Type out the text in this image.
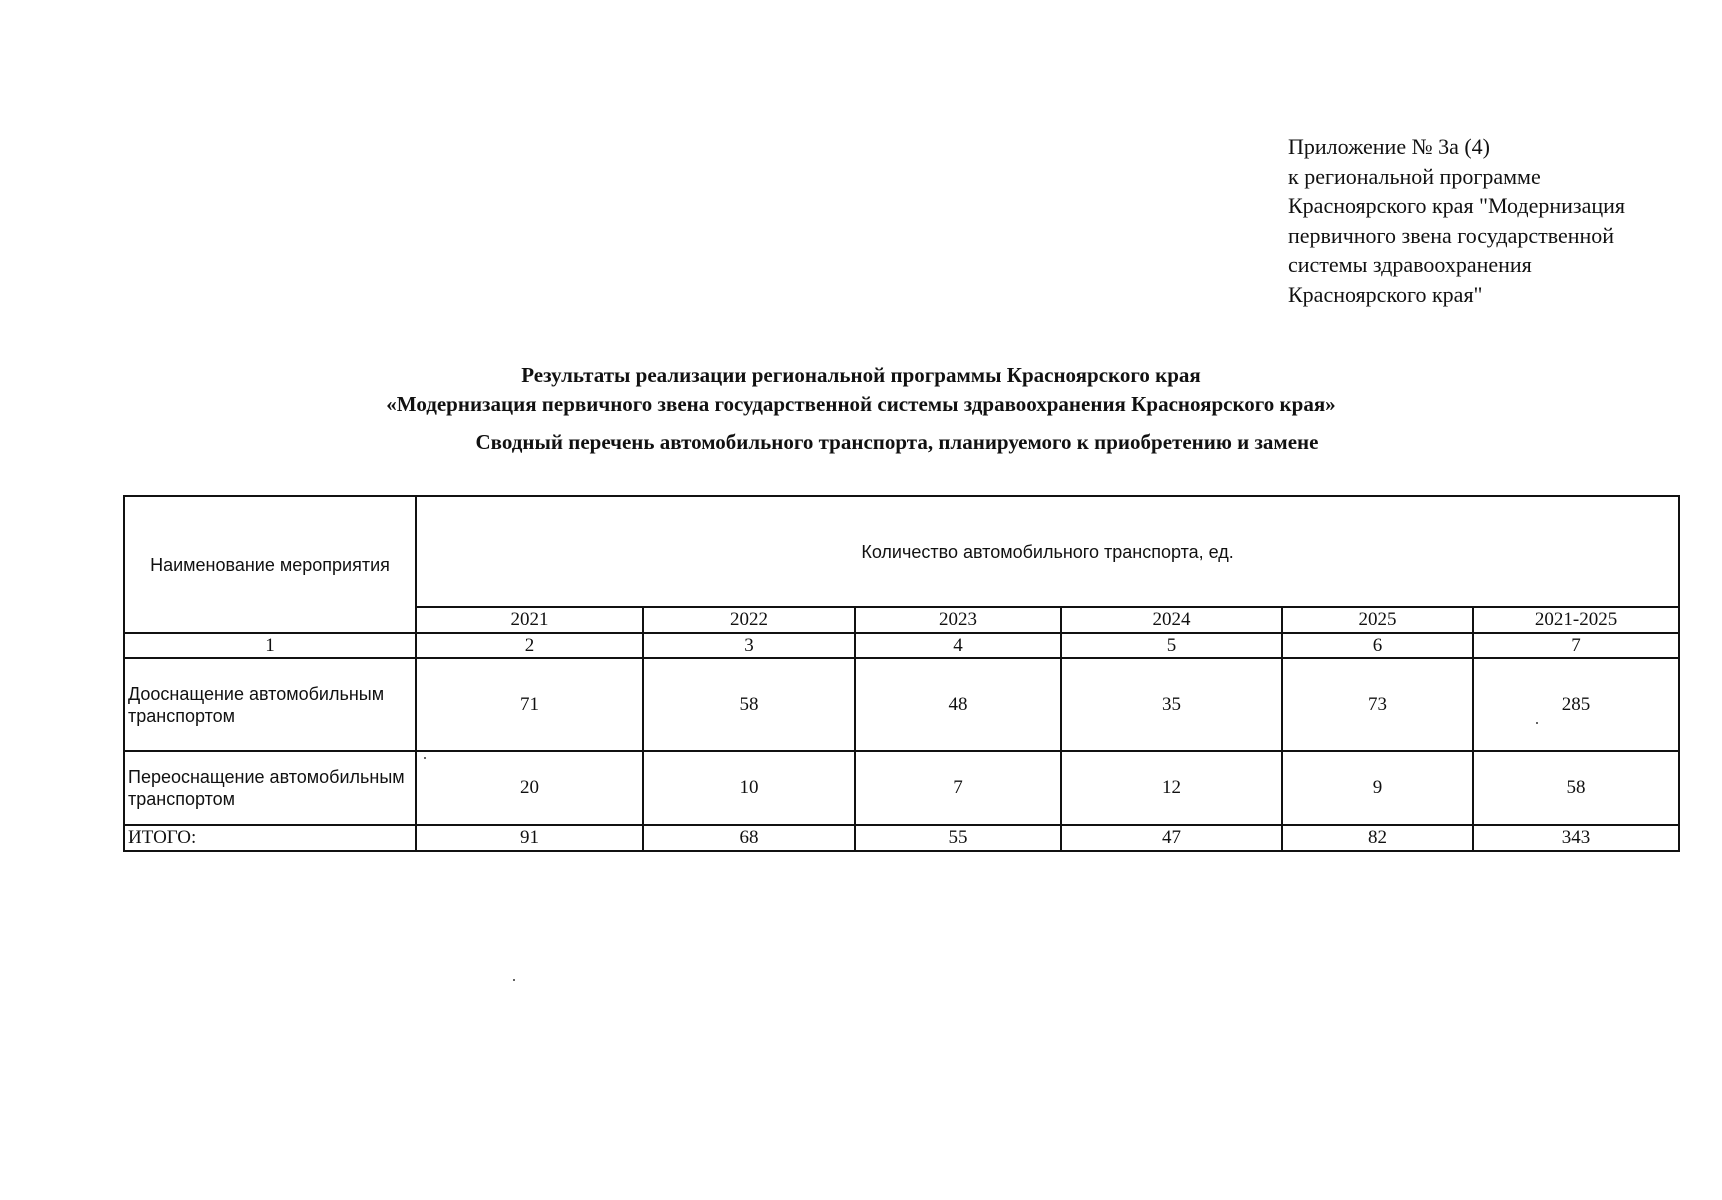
Приложение № 3а (4)
к региональной программе
Красноярского края "Модернизация
первичного звена государственной
системы здравоохранения
Красноярского края"
Результаты реализации региональной программы Красноярского края
«Модернизация первичного звена государственной системы здравоохранения Красноярского края»
Сводный перечень автомобильного транспорта, планируемого к приобретению и замене
Наименование мероприятия	Количество автомобильного транспорта, ед.					
	2021	2022	2023	2024	2025	2021-2025
1	2	3	4	5	6	7
Дооснащение автомобильным транспортом	71	58	48	35	73	285
Переоснащение автомобильным транспортом	20	10	7	12	9	58
ИТОГО:	91	68	55	47	82	343
